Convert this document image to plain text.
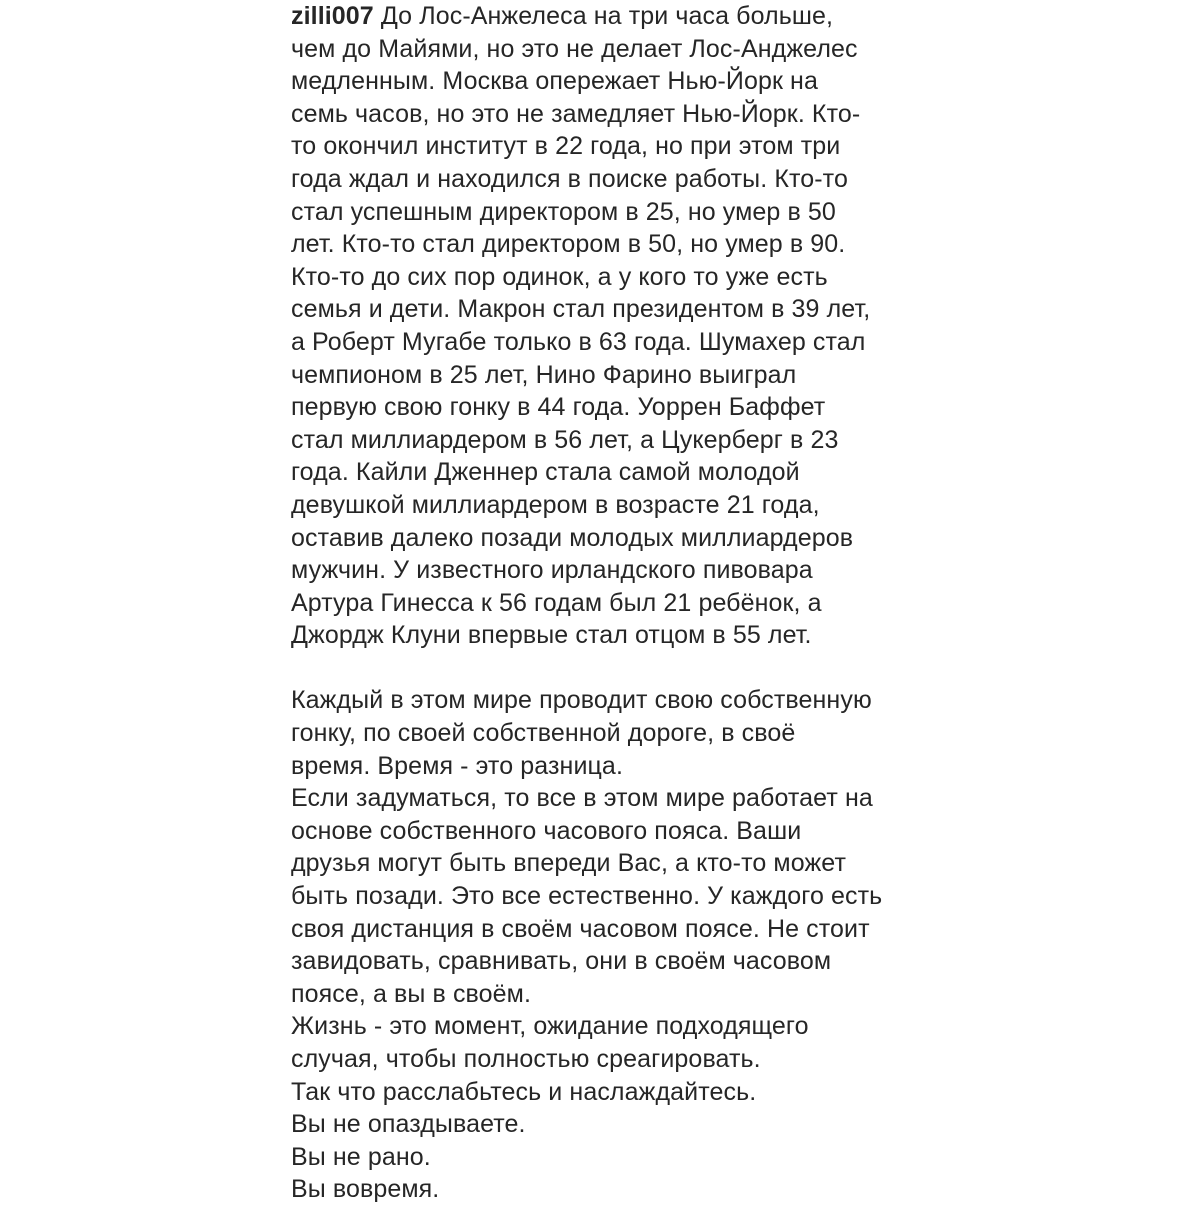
zilli007 До Лос-Анжелеса на три часа больше,
чем до Майями, но это не делает Лос-Анджелес
медленным. Москва опережает Нью-Йорк на
семь часов, но это не замедляет Нью-Йорк. Кто-
то окончил институт в 22 года, но при этом три
года ждал и находился в поиске работы. Кто-то
стал успешным директором в 25, но умер в 50
лет. Кто-то стал директором в 50, но умер в 90.
Кто-то до сих пор одинок, а у кого то уже есть
семья и дети. Макрон стал президентом в 39 лет,
а Роберт Мугабе только в 63 года. Шумахер стал
чемпионом в 25 лет, Нино Фарино выиграл
первую свою гонку в 44 года. Уоррен Баффет
стал миллиардером в 56 лет, а Цукерберг в 23
года. Кайли Дженнер стала самой молодой
девушкой миллиардером в возрасте 21 года,
оставив далеко позади молодых миллиардеров
мужчин. У известного ирландского пивовара
Артура Гинесса к 56 годам был 21 ребёнок, а
Джордж Клуни впервые стал отцом в 55 лет.
Каждый в этом мире проводит свою собственную
гонку, по своей собственной дороге, в своё
время. Время - это разница.
Если задуматься, то все в этом мире работает на
основе собственного часового пояса. Ваши
друзья могут быть впереди Вас, а кто-то может
быть позади. Это все естественно. У каждого есть
своя дистанция в своём часовом поясе. Не стоит
завидовать, сравнивать, они в своём часовом
поясе, а вы в своём.
Жизнь - это момент, ожидание подходящего
случая, чтобы полностью среагировать.
Так что расслабьтесь и наслаждайтесь.
Вы не опаздываете.
Вы не рано.
Вы вовремя.
